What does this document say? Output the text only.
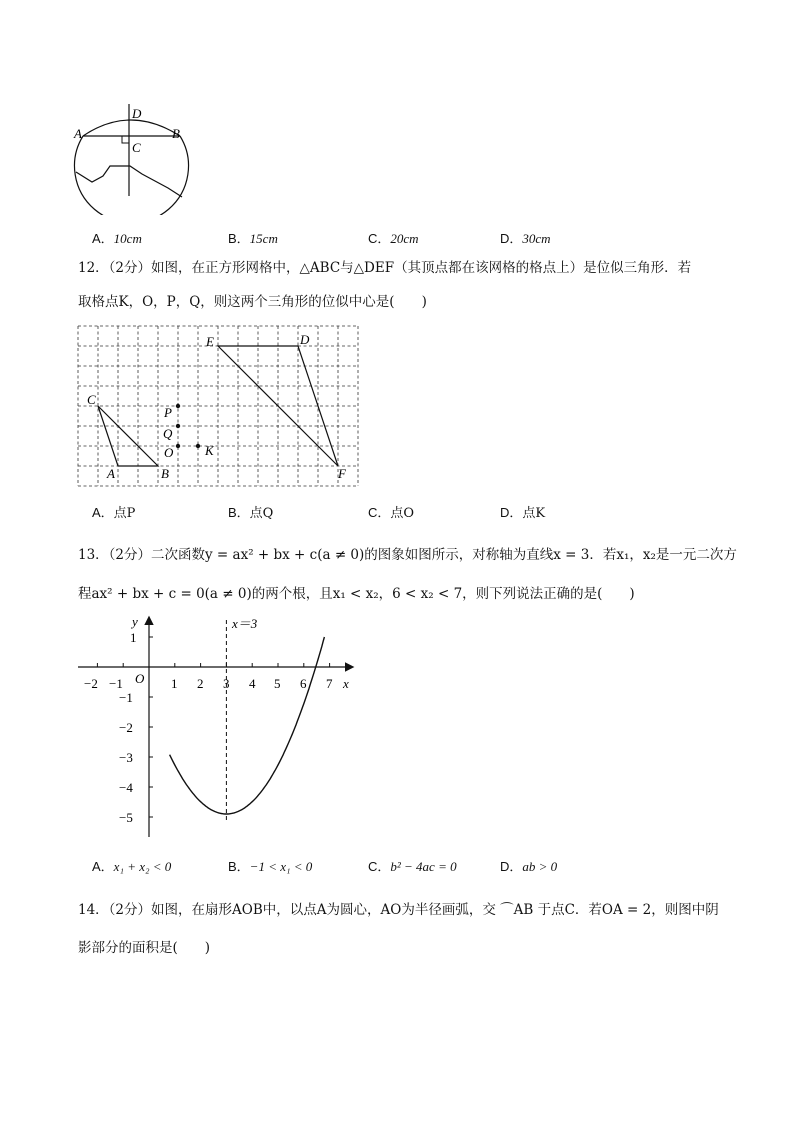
D
A	B
C
A．10cm	B．15cm	C．20cm	D．30cm
12．（2分）如图，在正方形网格中，△ABC与△DEF（其顶点都在该网格的格点上）是位似三角形．若
取格点K，O，P，Q，则这两个三角形的位似中心是(　　)
E	D
C
P
Q
O K
A	B	F
A．点P	B．点Q	C．点O	D．点K
13．（2分）二次函数y = ax² + bx + c(a ≠ 0)的图象如图所示，对称轴为直线x = 3．若x₁，x₂是一元二次方
程ax² + bx + c = 0(a ≠ 0)的两个根，且x₁ < x₂，6 < x₂ < 7，则下列说法正确的是(　　)
y	x＝3
x
O
−2 −1	1 2 3 4 5 6 7
1
−1
−2
−3
−4
−5
A．x₁ + x₂ < 0	B．−1 < x₁ < 0	C．b² − 4ac = 0	D．ab > 0
14．（2分）如图，在扇形AOB中，以点A为圆心，AO为半径画弧，交 ⌒AB 于点C．若OA = 2，则图中阴
影部分的面积是(　　)
